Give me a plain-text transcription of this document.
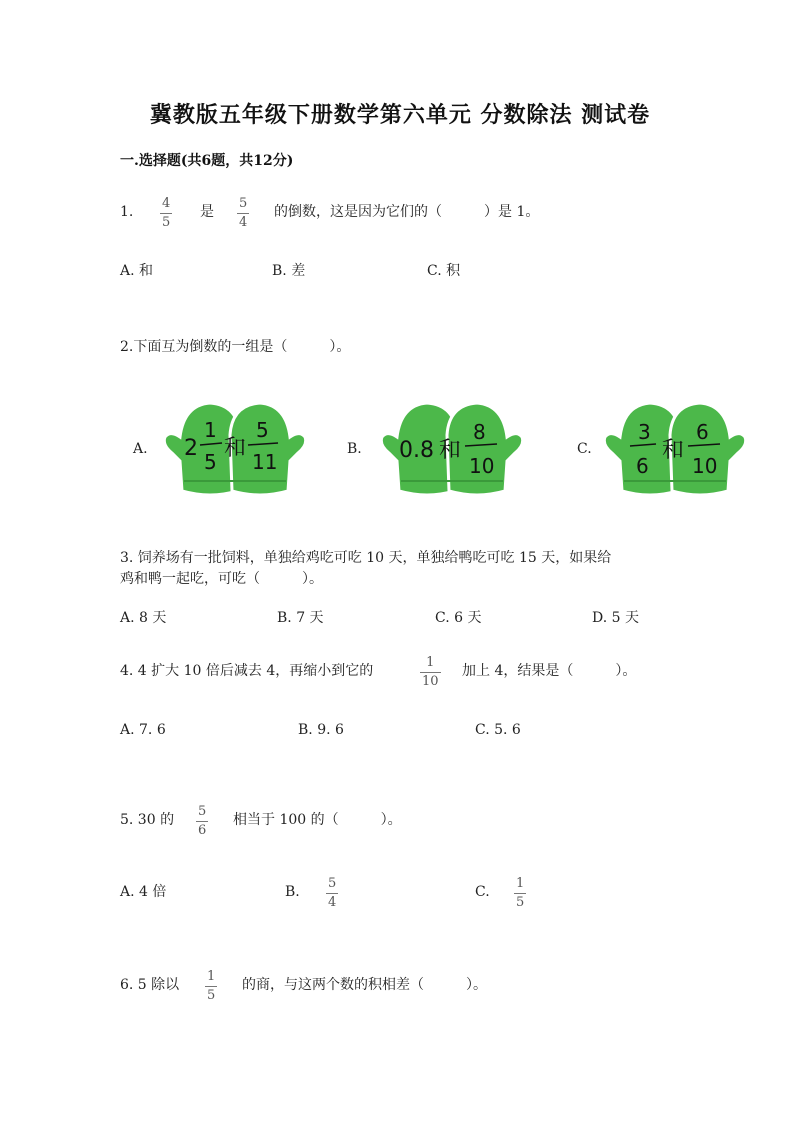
冀教版五年级下册数学第六单元 分数除法 测试卷
一.选择题(共6题，共12分)
1.
4
5
是
5
4
的倒数，这是因为它们的（　　　）是 1。
A. 和	B. 差	C. 积
2.下面互为倒数的一组是（　　　）。
A. 2
1
5
和
5
11
B. 0.8 和
8
10
C.
3
6
和
6
10
3. 饲养场有一批饲料，单独给鸡吃可吃 10 天，单独给鸭吃可吃 15 天，如果给
鸡和鸭一起吃，可吃（　　　）。
A. 8 天	B. 7 天	C. 6 天	D. 5 天
4. 4 扩大 10 倍后减去 4，再缩小到它的
1
10
加上 4，结果是（　　　）。
A. 7. 6	B. 9. 6	C. 5. 6
5. 30 的
5
6
相当于 100 的（　　　）。
A. 4 倍	B.
5
4
C.
1
5
6. 5 除以
1
5
的商，与这两个数的积相差（　　　）。
